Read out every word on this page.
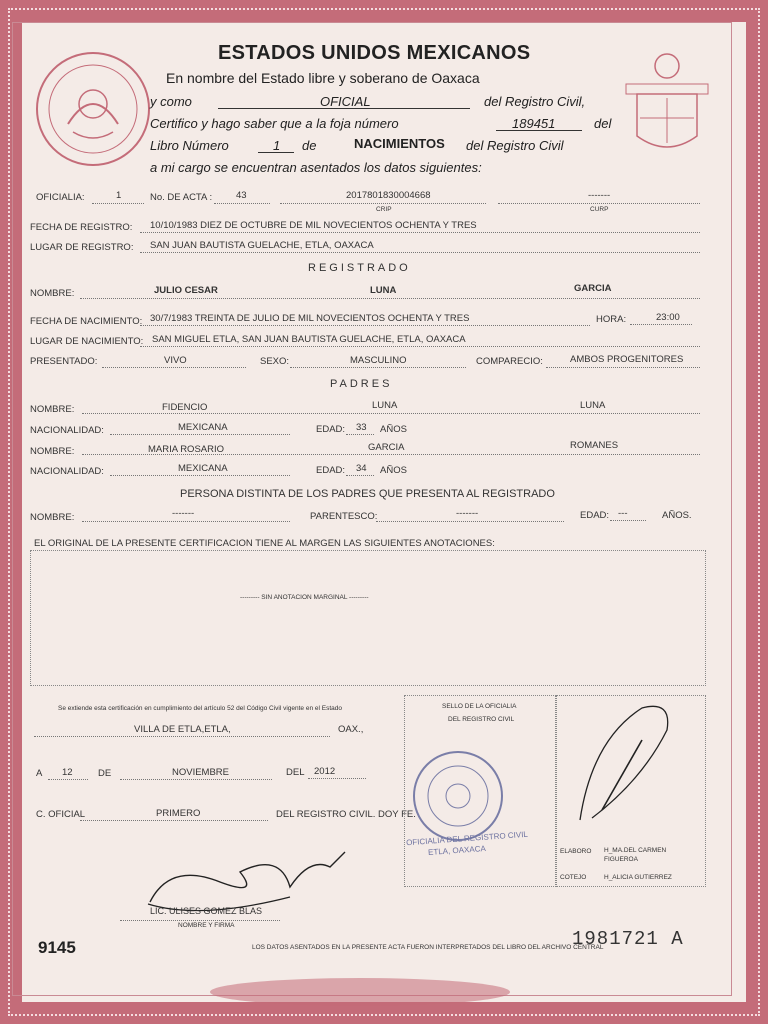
ESTADOS UNIDOS MEXICANOS
En nombre del Estado libre y soberano de Oaxaca
y como	OFICIAL	del Registro Civil,
Certifico y hago saber que a la foja número	189451	del
Libro Número	1 de	NACIMIENTOS del Registro Civil
a mi cargo se encuentran asentados los datos siguientes:
OFICIALIA:	1	No. DE ACTA :	43	2017801830004668
CRIP
-------
CURP
FECHA DE REGISTRO: 10/10/1983 DIEZ DE OCTUBRE DE MIL NOVECIENTOS OCHENTA Y TRES
LUGAR DE REGISTRO: SAN JUAN BAUTISTA GUELACHE, ETLA, OAXACA
REGISTRADO
NOMBRE:	JULIO CESAR	LUNA	GARCIA
FECHA DE NACIMIENTO: 30/7/1983 TREINTA DE JULIO DE MIL NOVECIENTOS OCHENTA Y TRES	HORA:	23:00
LUGAR DE NACIMIENTO: SAN MIGUEL ETLA, SAN JUAN BAUTISTA GUELACHE, ETLA, OAXACA
PRESENTADO:	VIVO	SEXO:	MASCULINO	COMPARECIO:	AMBOS PROGENITORES
PADRES
NOMBRE:	FIDENCIO	LUNA	LUNA
NACIONALIDAD:	MEXICANA	EDAD: 33 AÑOS
NOMBRE:	MARIA ROSARIO	GARCIA	ROMANES
NACIONALIDAD:	MEXICANA	EDAD: 34 AÑOS
PERSONA DISTINTA DE LOS PADRES QUE PRESENTA AL REGISTRADO
NOMBRE:	-------	PARENTESCO:	-------	EDAD: ---	AÑOS.
EL ORIGINAL DE LA PRESENTE CERTIFICACION TIENE AL MARGEN LAS SIGUIENTES ANOTACIONES:
--------- SIN ANOTACION MARGINAL ---------
Se extiende esta certificación en cumplimiento del artículo 52 del Código Civil vigente en el Estado
VILLA DE ETLA,ETLA,	OAX.,
A 12	DE	NOVIEMBRE	DEL 2012
C. OFICIAL	PRIMERO	DEL REGISTRO CIVIL. DOY FE.
LIC. ULISES GOMEZ BLAS
NOMBRE Y FIRMA
SELLO DE LA OFICIALIA
DEL REGISTRO CIVIL
OFICIALIA DEL REGISTRO CIVIL
ETLA, OAXACA	ELABORO H_MA.DEL CARMEN FIGUEROA
COTEJO	H_ALICIA GUTIERREZ
9145	LOS DATOS ASENTADOS EN LA PRESENTE ACTA FUERON INTERPRETADOS DEL LIBRO DEL ARCHIVO CENTRAL
1981721 A
